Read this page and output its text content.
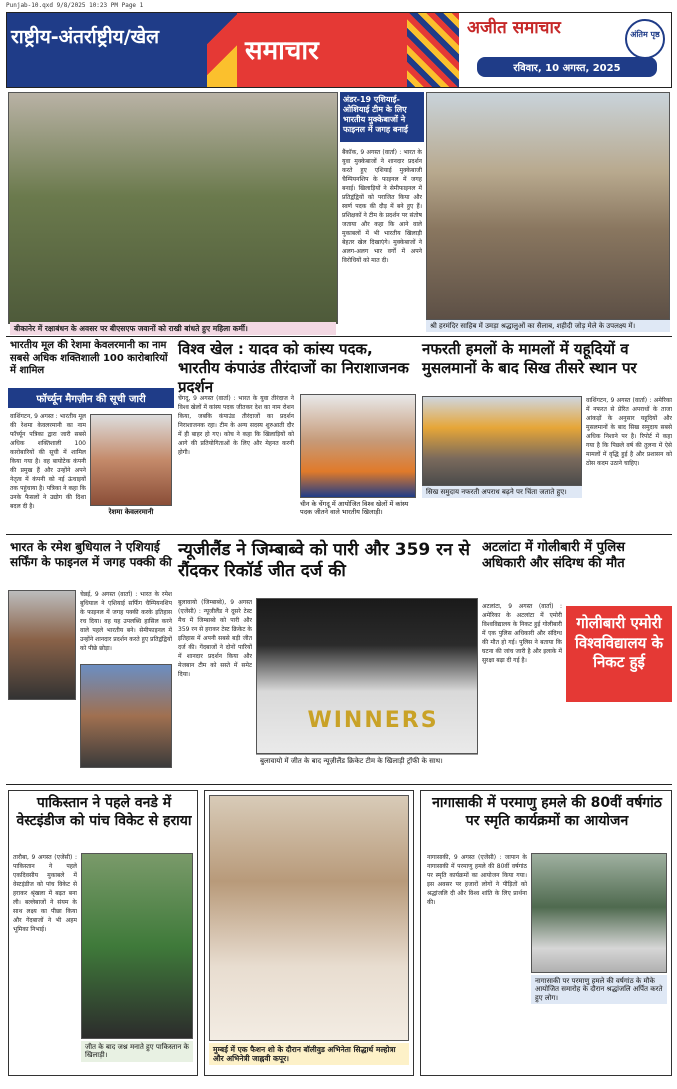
Punjab-10.qxd 9/8/2025 10:23 PM Page 1
राष्ट्रीय-अंतर्राष्ट्रीय/खेल	समाचार
अजीत समाचार
रविवार, 10 अगस्त, 2025
अंतिम पृष्ठ
बीकानेर में रक्षाबंधन के अवसर पर बीएसएफ जवानों को राखी बांधते हुए महिला कर्मी।
अंडर-19 एशियाई-ओशियाई टीम के लिए भारतीय मुक्केबाजों ने फाइनल में जगह बनाई
बैंकॉक, 9 अगस्त (वार्ता) : भारत के युवा मुक्केबाजों ने शानदार प्रदर्शन करते हुए एशियाई मुक्केबाजी चैम्पियनशिप के फाइनल में जगह बनाई। खिलाड़ियों ने सेमीफाइनल में प्रतिद्वंद्वियों को पराजित किया और स्वर्ण पदक की दौड़ में बने हुए हैं। प्रशिक्षकों ने टीम के प्रदर्शन पर संतोष जताया और कहा कि आने वाले मुकाबलों में भी भारतीय खिलाड़ी बेहतर खेल दिखाएंगे। मुक्केबाजों ने अलग-अलग भार वर्गों में अपने विरोधियों को मात दी।
श्री हरमंदिर साहिब में उमड़ा श्रद्धालुओं का सैलाब, शहीदी जोड़ मेले के उपलक्ष्य में।
भारतीय मूल की रेशमा केवलरमानी का नाम सबसे अधिक शक्तिशाली 100 कारोबारियों में शामिल
फॉर्च्यून मैगज़ीन की सूची जारी
वाशिंगटन, 9 अगस्त : भारतीय मूल की रेशमा केवलरमानी का नाम फॉर्च्यून पत्रिका द्वारा जारी सबसे अधिक शक्तिशाली 100 कारोबारियों की सूची में शामिल किया गया है। वह बायोटेक कंपनी की प्रमुख हैं और उन्होंने अपने नेतृत्व में कंपनी को नई ऊंचाइयों तक पहुंचाया है। पत्रिका ने कहा कि उनके फैसलों ने उद्योग की दिशा बदल दी है।
रेशमा केवलरमानी
विश्व खेल : यादव को कांस्य पदक, भारतीय कंपाउंड तीरंदाजों का निराशाजनक प्रदर्शन
चेंगदू, 9 अगस्त (वार्ता) : भारत के युवा तीरंदाज ने विश्व खेलों में कांस्य पदक जीतकर देश का नाम रोशन किया, जबकि कंपाउंड तीरंदाजों का प्रदर्शन निराशाजनक रहा। टीम के अन्य सदस्य शुरुआती दौर में ही बाहर हो गए। कोच ने कहा कि खिलाड़ियों को आगे की प्रतियोगिताओं के लिए और मेहनत करनी होगी।
चीन के चेंगदू में आयोजित विश्व खेलों में कांस्य पदक जीतने वाले भारतीय खिलाड़ी।
नफरती हमलों के मामलों में यहूदियों व मुसलमानों के बाद सिख तीसरे स्थान पर
सिख समुदाय नफरती अपराध बढ़ने पर चिंता जताते हुए।
वाशिंगटन, 9 अगस्त (वार्ता) : अमेरिका में नफरत से प्रेरित अपराधों के ताजा आंकड़ों के अनुसार यहूदियों और मुसलमानों के बाद सिख समुदाय सबसे अधिक निशाने पर है। रिपोर्ट में कहा गया है कि पिछले वर्ष की तुलना में ऐसे मामलों में वृद्धि हुई है और प्रशासन को ठोस कदम उठाने चाहिए।
भारत के रमेश बुधियाल ने एशियाई सर्फिंग के फाइनल में जगह पक्की की
चेन्नई, 9 अगस्त (वार्ता) : भारत के रमेश बुधियाल ने एशियाई सर्फिंग चैम्पियनशिप के फाइनल में जगह पक्की करके इतिहास रच दिया। वह यह उपलब्धि हासिल करने वाले पहले भारतीय बने। सेमीफाइनल में उन्होंने शानदार प्रदर्शन करते हुए प्रतिद्वंद्वियों को पीछे छोड़ा।
न्यूजीलैंड ने जिम्बाब्वे को पारी और 359 रन से रौंदकर रिकॉर्ड जीत दर्ज की
बुलावायो (जिम्बाब्वे), 9 अगस्त (एजेंसी) : न्यूजीलैंड ने दूसरे टेस्ट मैच में जिम्बाब्वे को पारी और 359 रन से हराकर टेस्ट क्रिकेट के इतिहास में अपनी सबसे बड़ी जीत दर्ज की। गेंदबाजों ने दोनों पारियों में शानदार प्रदर्शन किया और मेजबान टीम को सस्ते में समेट दिया।
WINNERS
बुलावायो में जीत के बाद न्यूज़ीलैंड क्रिकेट टीम के खिलाड़ी ट्रॉफी के साथ।
अटलांटा में गोलीबारी में पुलिस अधिकारी और संदिग्ध की मौत
अटलांटा, 9 अगस्त (वार्ता) : अमेरिका के अटलांटा में एमोरी विश्वविद्यालय के निकट हुई गोलीबारी में एक पुलिस अधिकारी और संदिग्ध की मौत हो गई। पुलिस ने बताया कि घटना की जांच जारी है और इलाके में सुरक्षा बढ़ा दी गई है।
गोलीबारी एमोरी विश्वविद्यालय के निकट हुई
पाकिस्तान ने पहले वनडे में वेस्टइंडीज को पांच विकेट से हराया
तारौबा, 9 अगस्त (एजेंसी) : पाकिस्तान ने पहले एकदिवसीय मुकाबले में वेस्टइंडीज को पांच विकेट से हराकर श्रृंखला में बढ़त बना ली। बल्लेबाजों ने संयम के साथ लक्ष्य का पीछा किया और गेंदबाजों ने भी अहम भूमिका निभाई।
जीत के बाद जश्न मनाते हुए पाकिस्तान के खिलाड़ी।
मुम्बई में एक फैशन शो के दौरान बॉलीवुड अभिनेता सिद्धार्थ मल्होत्रा और अभिनेत्री जाह्नवी कपूर।
नागासाकी में परमाणु हमले की 80वीं वर्षगांठ पर स्मृति कार्यक्रमों का आयोजन
नागासाकी, 9 अगस्त (एजेंसी) : जापान के नागासाकी में परमाणु हमले की 80वीं वर्षगांठ पर स्मृति कार्यक्रमों का आयोजन किया गया। इस अवसर पर हजारों लोगों ने पीड़ितों को श्रद्धांजलि दी और विश्व शांति के लिए प्रार्थना की।
नागासाकी पर परमाणु हमले की वर्षगांठ के मौके आयोजित समारोह के दौरान श्रद्धांजलि अर्पित करते हुए लोग।
